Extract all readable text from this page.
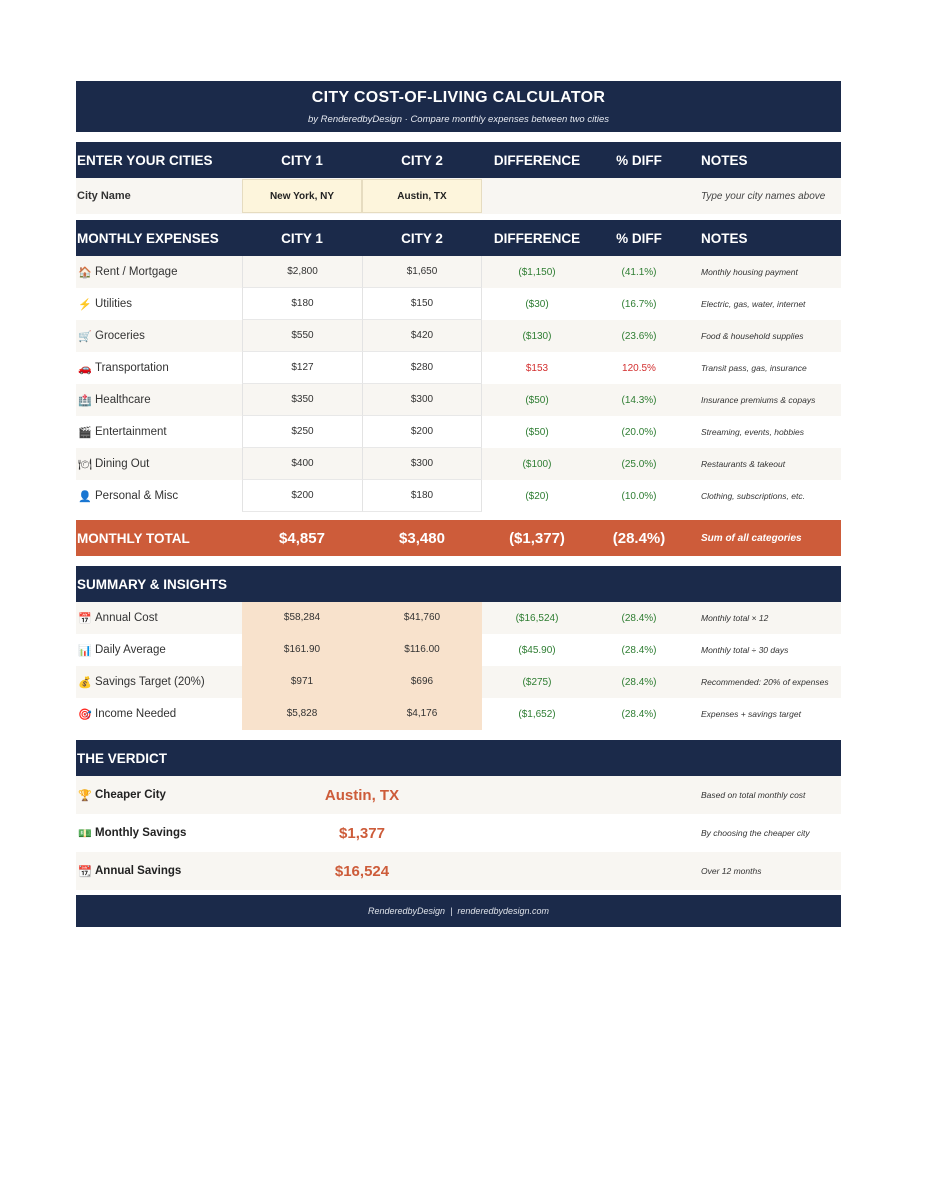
CITY COST-OF-LIVING CALCULATOR
by RenderedbyDesign · Compare monthly expenses between two cities
ENTER YOUR CITIES	CITY 1	CITY 2	DIFFERENCE	% DIFF	NOTES
City Name	New York, NY	Austin, TX	Type your city names above
MONTHLY EXPENSES	CITY 1	CITY 2	DIFFERENCE	% DIFF	NOTES
🏠 Rent / Mortgage	$2,800	$1,650	($1,150)	(41.1%)	Monthly housing payment
⚡ Utilities	$180	$150	($30)	(16.7%)	Electric, gas, water, internet
🛒 Groceries	$550	$420	($130)	(23.6%)	Food & household supplies
🚗 Transportation	$127	$280	$153	120.5%	Transit pass, gas, insurance
🏥 Healthcare	$350	$300	($50)	(14.3%)	Insurance premiums & copays
🎬 Entertainment	$250	$200	($50)	(20.0%)	Streaming, events, hobbies
🍽 Dining Out	$400	$300	($100)	(25.0%)	Restaurants & takeout
👤 Personal & Misc	$200	$180	($20)	(10.0%)	Clothing, subscriptions, etc.
MONTHLY TOTAL	$4,857	$3,480	($1,377)	(28.4%)	Sum of all categories
SUMMARY & INSIGHTS
📅 Annual Cost	$58,284	$41,760	($16,524)	(28.4%)	Monthly total × 12
📊 Daily Average	$161.90	$116.00	($45.90)	(28.4%)	Monthly total ÷ 30 days
💰 Savings Target (20%)	$971	$696	($275)	(28.4%)	Recommended: 20% of expenses
🎯 Income Needed	$5,828	$4,176	($1,652)	(28.4%)	Expenses + savings target
THE VERDICT
🏆 Cheaper City	Austin, TX	Based on total monthly cost
💵 Monthly Savings	$1,377	By choosing the cheaper city
📆 Annual Savings	$16,524	Over 12 months
RenderedbyDesign | renderedbydesign.com
